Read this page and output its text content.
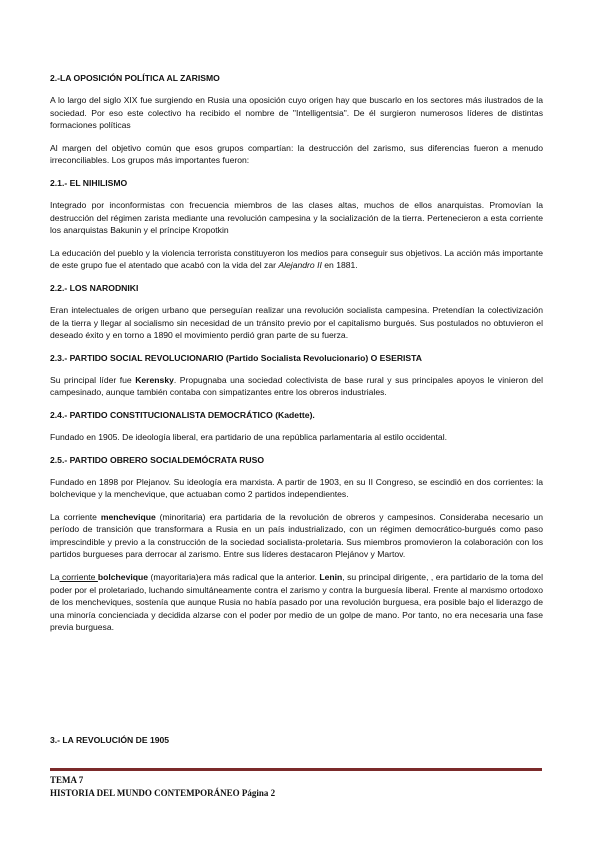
2.-LA OPOSICIÓN POLÍTICA AL ZARISMO
A lo largo del siglo XIX fue surgiendo en Rusia una oposición cuyo origen hay que buscarlo en los sectores más ilustrados de la sociedad. Por eso este colectivo ha recibido el nombre de "Intelligentsia". De él surgieron numerosos líderes de distintas formaciones políticas
Al margen del objetivo común que esos grupos compartían: la destrucción del zarismo, sus diferencias fueron a menudo irreconciliables. Los grupos más importantes fueron:
2.1.- EL NIHILISMO
Integrado por inconformistas con frecuencia miembros de las clases altas, muchos de ellos anarquistas. Promovían la destrucción del régimen zarista mediante una revolución campesina y la socialización de la tierra. Pertenecieron a esta corriente los anarquistas Bakunin y el príncipe Kropotkin
La educación del pueblo y la violencia terrorista constituyeron los medios para conseguir sus objetivos. La acción más importante de este grupo fue el atentado que acabó con la vida del zar Alejandro II en 1881.
2.2.- LOS NARODNIKI
Eran intelectuales de origen urbano que perseguían realizar una revolución socialista campesina. Pretendían la colectivización de la tierra y llegar al socialismo sin necesidad de un tránsito previo por el capitalismo burgués. Sus postulados no obtuvieron el deseado éxito y en torno a 1890 el movimiento perdió gran parte de su fuerza.
2.3.- PARTIDO SOCIAL REVOLUCIONARIO (Partido Socialista Revolucionario) O ESERISTA
Su principal líder fue Kerensky. Propugnaba una sociedad colectivista de base rural y sus principales apoyos le vinieron del campesinado, aunque también contaba con simpatizantes entre los obreros industriales.
2.4.- PARTIDO CONSTITUCIONALISTA DEMOCRÁTICO (Kadette).
Fundado en 1905. De ideología liberal, era partidario de una república parlamentaria al estilo occidental.
2.5.- PARTIDO OBRERO SOCIALDEMÓCRATA RUSO
Fundado en 1898 por Plejanov. Su ideología era marxista. A partir de 1903, en su II Congreso, se escindió en dos corrientes: la bolchevique y la menchevique, que actuaban como 2 partidos independientes.
La corriente menchevique (minoritaria) era partidaria de la revolución de obreros y campesinos. Consideraba necesario un período de transición que transformara a Rusia en un país industrializado, con un régimen democrático-burgués como paso imprescindible y previo a la construcción de la sociedad socialista-proletaria. Sus miembros promovieron la colaboración con los partidos burgueses para derrocar al zarismo. Entre sus líderes destacaron Plejánov y Martov.
La corriente bolchevique (mayoritaria)era más radical que la anterior. Lenin, su principal dirigente, , era partidario de la toma del poder por el proletariado, luchando simultáneamente contra el zarismo y contra la burguesía liberal. Frente al marxismo ortodoxo de los mencheviques, sostenía que aunque Rusia no había pasado por una revolución burguesa, era posible bajo el liderazgo de una minoría concienciada y decidida alzarse con el poder por medio de un golpe de mano. Por tanto, no era necesaria una fase previa burguesa.
3.- LA REVOLUCIÓN DE 1905
TEMA 7
HISTORIA DEL MUNDO CONTEMPORÁNEO Página 2
